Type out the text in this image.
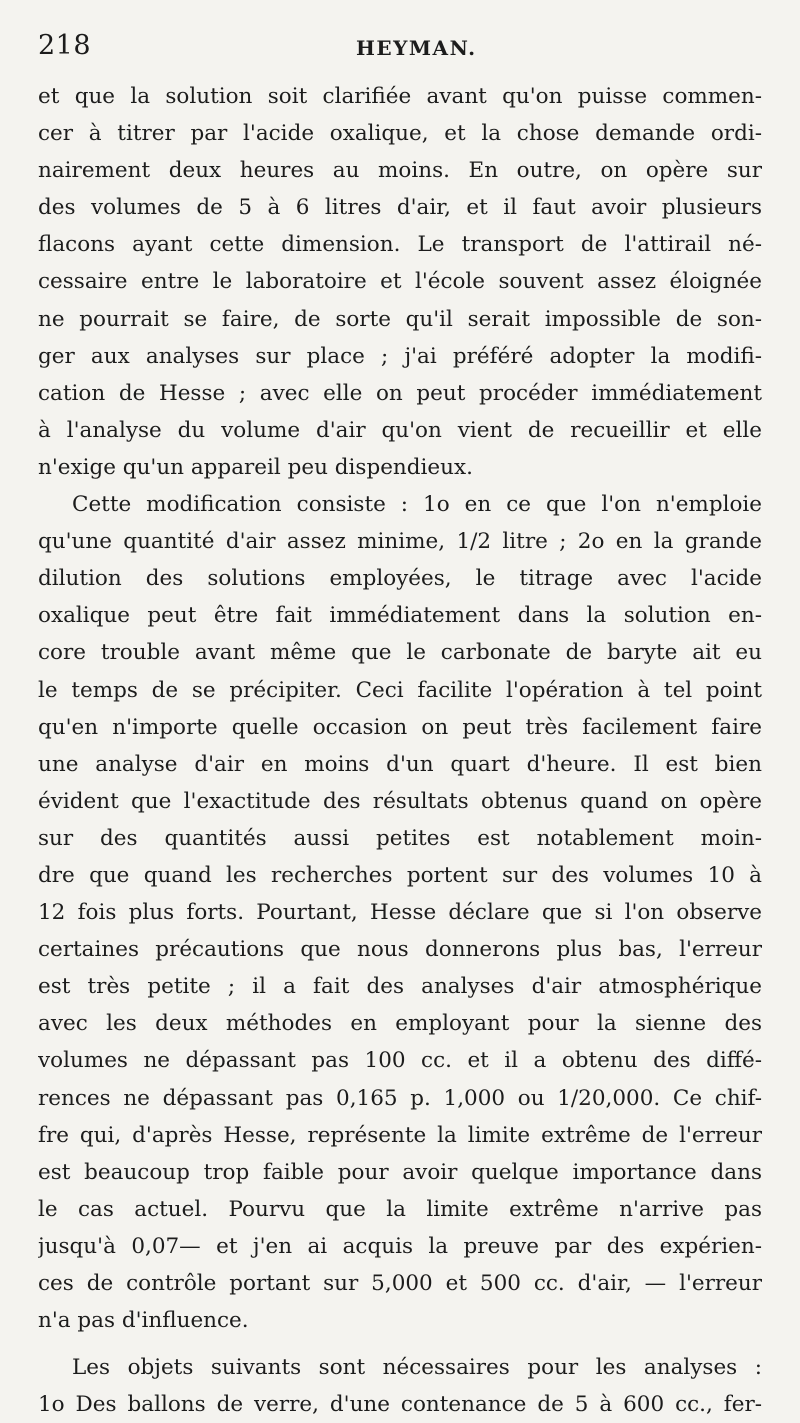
218	HEYMAN.
et que la solution soit clarifiée avant qu'on puisse commen-
cer à titrer par l'acide oxalique, et la chose demande ordi-
nairement deux heures au moins. En outre, on opère sur
des volumes de 5 à 6 litres d'air, et il faut avoir plusieurs
flacons ayant cette dimension. Le transport de l'attirail né-
cessaire entre le laboratoire et l'école souvent assez éloignée
ne pourrait se faire, de sorte qu'il serait impossible de son-
ger aux analyses sur place ; j'ai préféré adopter la modifi-
cation de Hesse ; avec elle on peut procéder immédiatement
à l'analyse du volume d'air qu'on vient de recueillir et elle
n'exige qu'un appareil peu dispendieux.
Cette modification consiste : 1o en ce que l'on n'emploie
qu'une quantité d'air assez minime, 1/2 litre ; 2o en la grande
dilution des solutions employées, le titrage avec l'acide
oxalique peut être fait immédiatement dans la solution en-
core trouble avant même que le carbonate de baryte ait eu
le temps de se précipiter. Ceci facilite l'opération à tel point
qu'en n'importe quelle occasion on peut très facilement faire
une analyse d'air en moins d'un quart d'heure. Il est bien
évident que l'exactitude des résultats obtenus quand on opère
sur des quantités aussi petites est notablement moin-
dre que quand les recherches portent sur des volumes 10 à
12 fois plus forts. Pourtant, Hesse déclare que si l'on observe
certaines précautions que nous donnerons plus bas, l'erreur
est très petite ; il a fait des analyses d'air atmosphérique
avec les deux méthodes en employant pour la sienne des
volumes ne dépassant pas 100 cc. et il a obtenu des diffé-
rences ne dépassant pas 0,165 p. 1,000 ou 1/20,000. Ce chif-
fre qui, d'après Hesse, représente la limite extrême de l'erreur
est beaucoup trop faible pour avoir quelque importance dans
le cas actuel. Pourvu que la limite extrême n'arrive pas
jusqu'à 0,07— et j'en ai acquis la preuve par des expérien-
ces de contrôle portant sur 5,000 et 500 cc. d'air, — l'erreur
n'a pas d'influence.
Les objets suivants sont nécessaires pour les analyses :
1o Des ballons de verre, d'une contenance de 5 à 600 cc., fer-
